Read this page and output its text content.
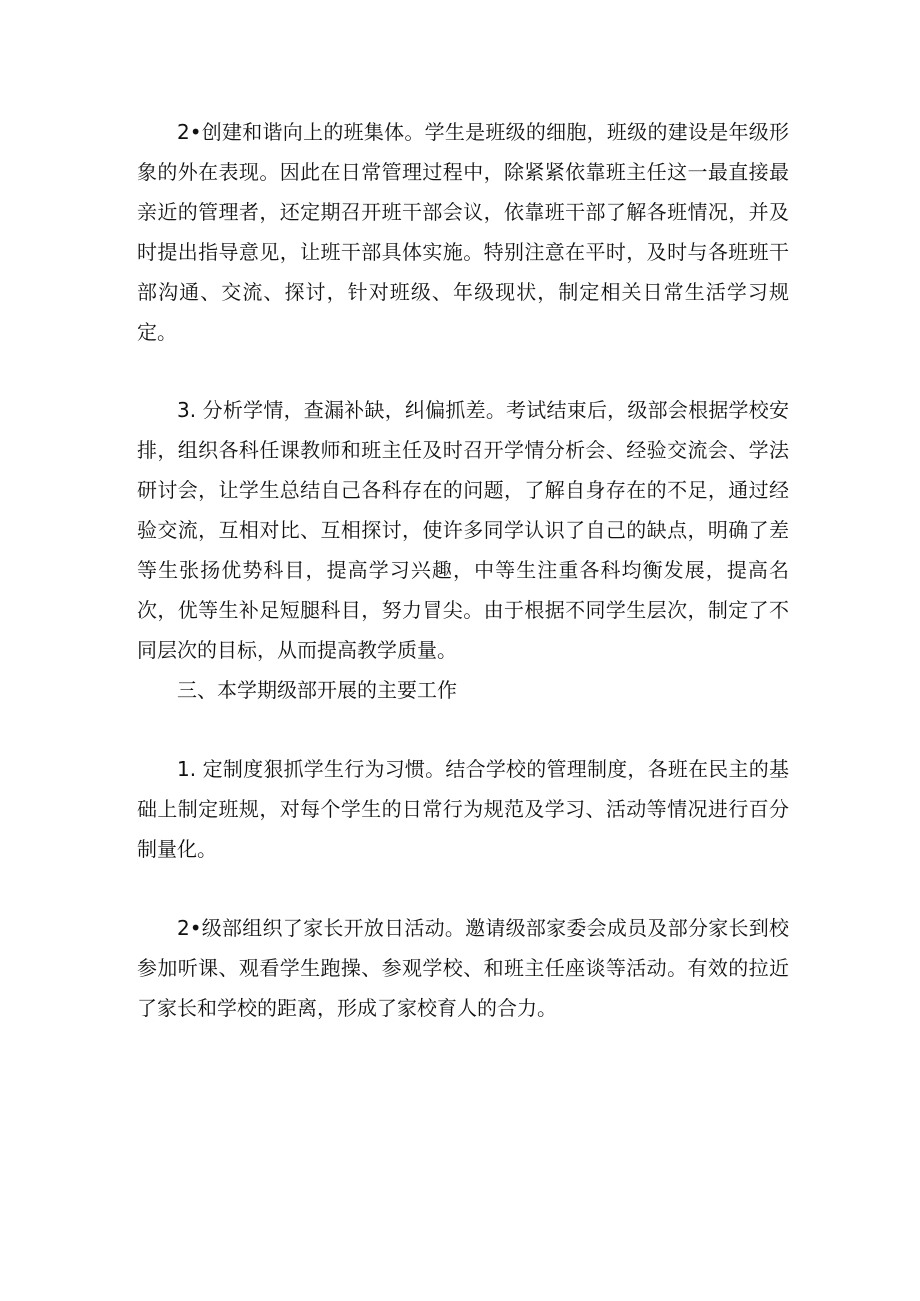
2•创建和谐向上的班集体。学生是班级的细胞，班级的建设是年级形象的外在表现。因此在日常管理过程中，除紧紧依靠班主任这一最直接最亲近的管理者，还定期召开班干部会议，依靠班干部了解各班情况，并及时提出指导意见，让班干部具体实施。特别注意在平时，及时与各班班干部沟通、交流、探讨，针对班级、年级现状，制定相关日常生活学习规定。

3. 分析学情，查漏补缺，纠偏抓差。考试结束后，级部会根据学校安排，组织各科任课教师和班主任及时召开学情分析会、经验交流会、学法研讨会，让学生总结自己各科存在的问题，了解自身存在的不足，通过经验交流，互相对比、互相探讨，使许多同学认识了自己的缺点，明确了差等生张扬优势科目，提高学习兴趣，中等生注重各科均衡发展，提高名次，优等生补足短腿科目，努力冒尖。由于根据不同学生层次，制定了不同层次的目标，从而提高教学质量。

三、本学期级部开展的主要工作

1. 定制度狠抓学生行为习惯。结合学校的管理制度，各班在民主的基础上制定班规，对每个学生的日常行为规范及学习、活动等情况进行百分制量化。

2•级部组织了家长开放日活动。邀请级部家委会成员及部分家长到校参加听课、观看学生跑操、参观学校、和班主任座谈等活动。有效的拉近了家长和学校的距离，形成了家校育人的合力。
